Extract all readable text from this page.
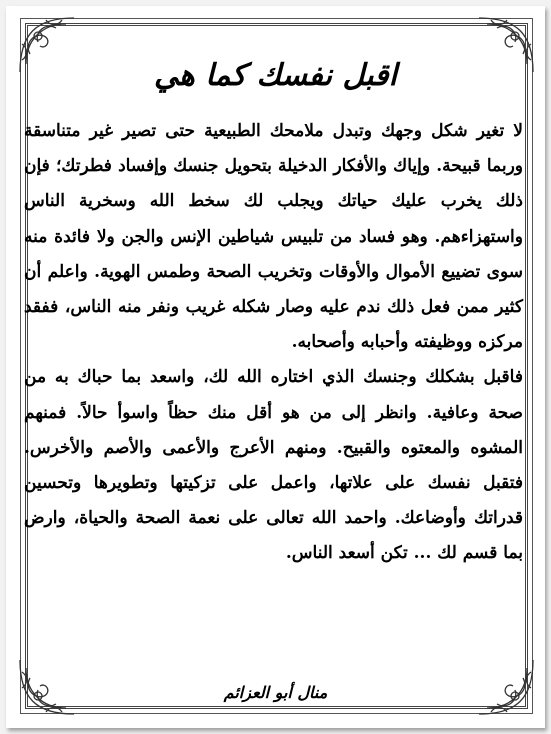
اقبل نفسك كما هي

لا تغير شكل وجهك وتبدل ملامحك الطبيعية حتى تصير غير متناسقة وربما قبيحة. وإياك والأفكار الدخيلة بتحويل جنسك وإفساد فطرتك؛ فإن ذلك يخرب عليك حياتك ويجلب لك سخط الله وسخرية الناس واستهزاءهم. وهو فساد من تلبيس شياطين الإنس والجن ولا فائدة منه سوى تضييع الأموال والأوقات وتخريب الصحة وطمس الهوية. واعلم أن كثير ممن فعل ذلك ندم عليه وصار شكله غريب ونفر منه الناس، ففقد مركزه ووظيفته وأحبابه وأصحابه.

فاقبل بشكلك وجنسك الذي اختاره الله لك، واسعد بما حباك به من صحة وعافية. وانظر إلى من هو أقل منك حظاً واسوأ حالاً. فمنهم المشوه والمعتوه والقبيح. ومنهم الأعرج والأعمى والأصم والأخرس. فتقبل نفسك على علاتها، واعمل على تزكيتها وتطويرها وتحسين قدراتك وأوضاعك. واحمد الله تعالى على نعمة الصحة والحياة، وارض بما قسم لك ... تكن أسعد الناس.

منال أبو العزائم
